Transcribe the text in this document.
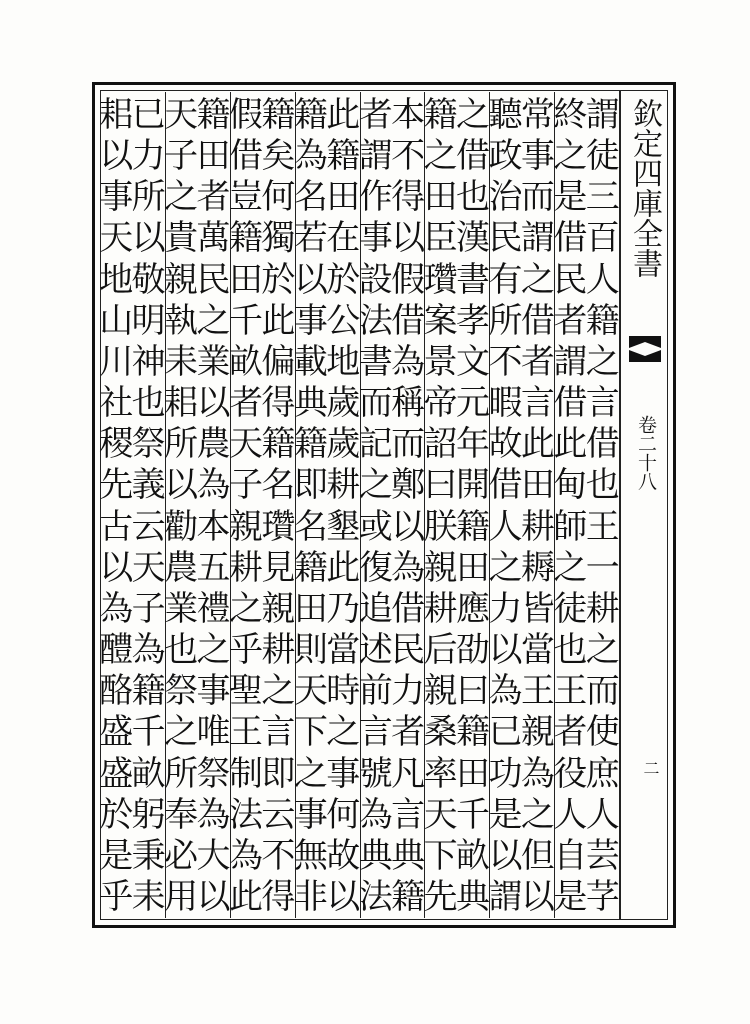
欽定四庫全書
卷二十八
二
謂
徒
三
百
人
籍
之
言
借
也
王
一
耕
之
而
使
庶
人
芸
芓
終
之
是
借
民
者
謂
借
此
甸
師
之
徒
也
王
者
役
人
自
是
常
事
而
謂
之
借
者
言
此
田
耕
耨
皆
當
王
親
為
之
但
以
聽
政
治
民
有
所
不
暇
故
借
人
之
力
以
為
已
功
是
以
謂
之
借
也
漢
書
孝
文
元
年
開
籍
田
應
劭
曰
籍
田
千
畝
典
籍
之
田
臣
瓚
案
景
帝
詔
曰
朕
親
耕
后
親
桑
率
天
下
先
本
不
得
以
假
借
為
稱
而
鄭
以
為
借
民
力
者
凡
言
典
籍
者
謂
作
事
設
法
書
而
記
之
或
復
追
述
前
言
號
為
典
法
此
籍
田
在
於
公
地
歲
歲
耕
墾
此
乃
當
時
之
事
何
故
以
籍
為
名
若
以
事
載
典
籍
即
名
籍
田
則
天
下
之
事
無
非
籍
矣
何
獨
於
此
偏
得
籍
名
瓚
見
親
耕
之
言
即
云
不
得
假
借
豈
籍
田
千
畝
者
天
子
親
耕
之
乎
聖
王
制
法
為
此
籍
田
者
萬
民
之
業
以
農
為
本
五
禮
之
事
唯
祭
為
大
以
天
子
之
貴
親
執
耒
耜
所
以
勸
農
業
也
祭
之
所
奉
必
用
已
力
所
以
敬
明
神
也
祭
義
云
天
子
為
籍
千
畝
躬
秉
耒
耜
以
事
天
地
山
川
社
稷
先
古
以
為
醴
酪
盛
盛
於
是
乎
